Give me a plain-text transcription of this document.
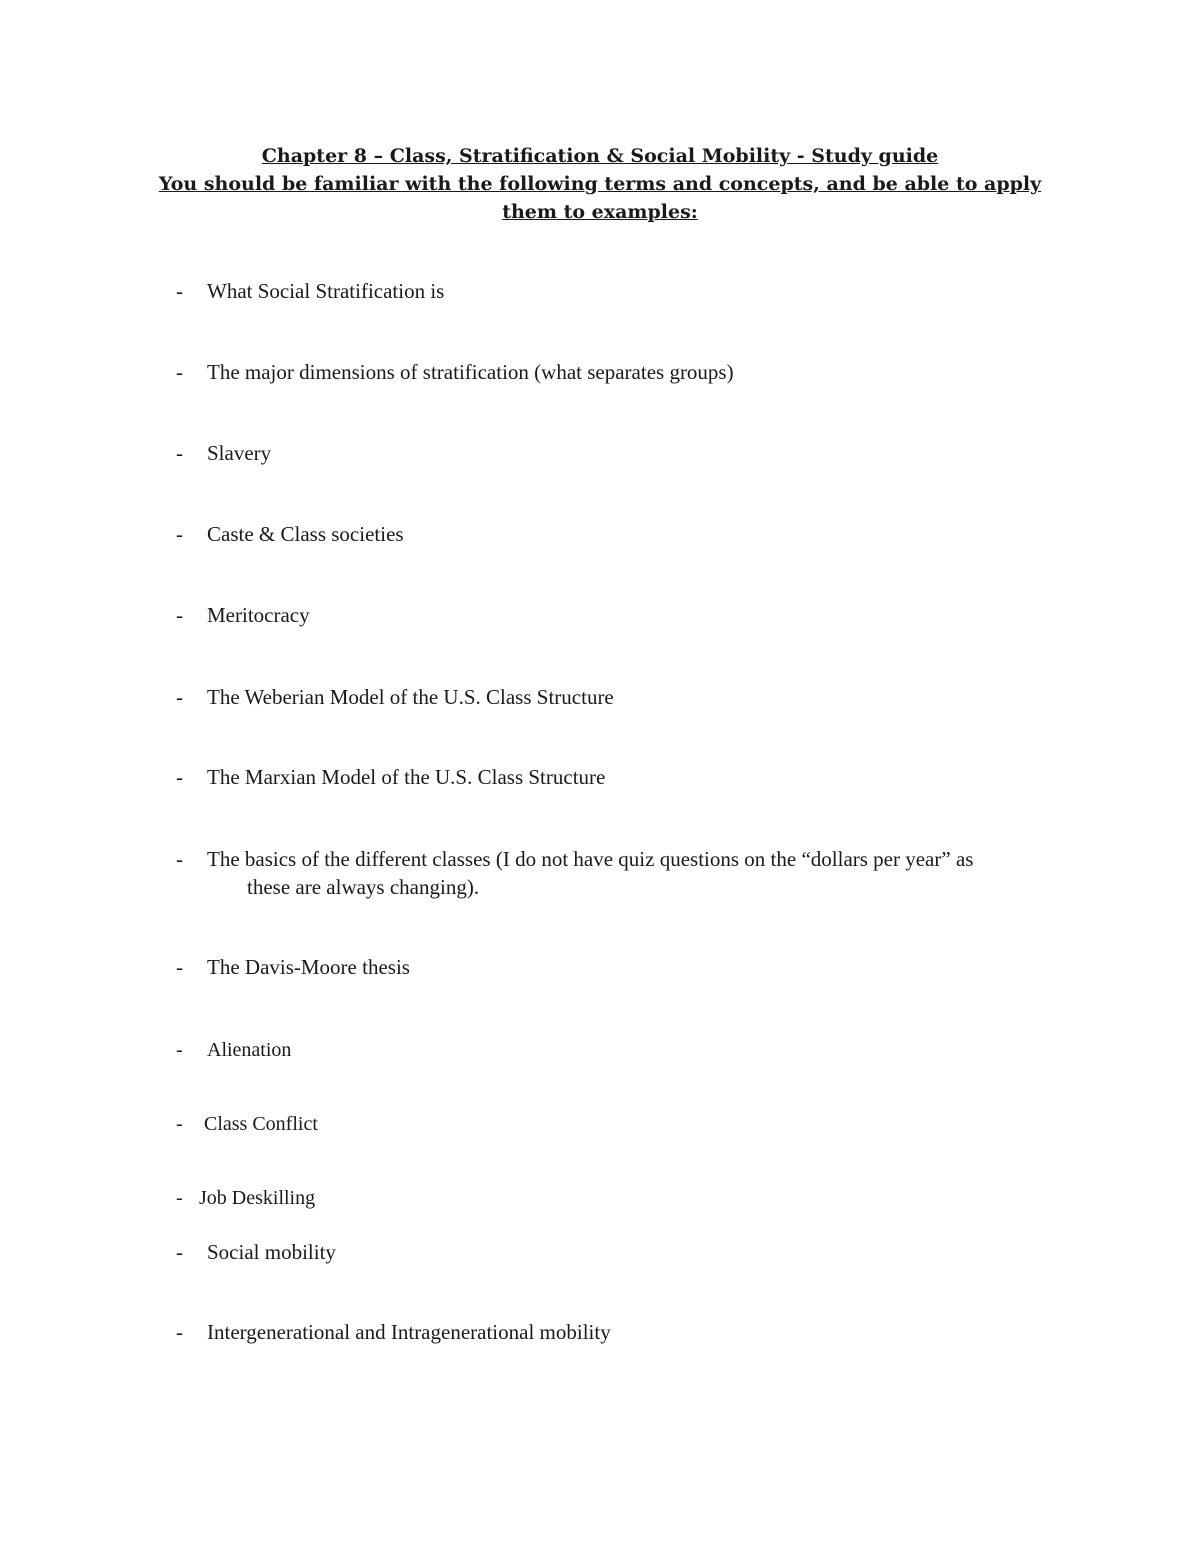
Chapter 8 – Class, Stratification & Social Mobility - Study guide
You should be familiar with the following terms and concepts, and be able to apply them to examples:
- What Social Stratification is
- The major dimensions of stratification (what separates groups)
- Slavery
- Caste & Class societies
- Meritocracy
- The Weberian Model of the U.S. Class Structure
- The Marxian Model of the U.S. Class Structure
- The basics of the different classes (I do not have quiz questions on the “dollars per year” as these are always changing).
- The Davis-Moore thesis
- Alienation
- Class Conflict
- Job Deskilling
- Social mobility
- Intergenerational and Intragenerational mobility
